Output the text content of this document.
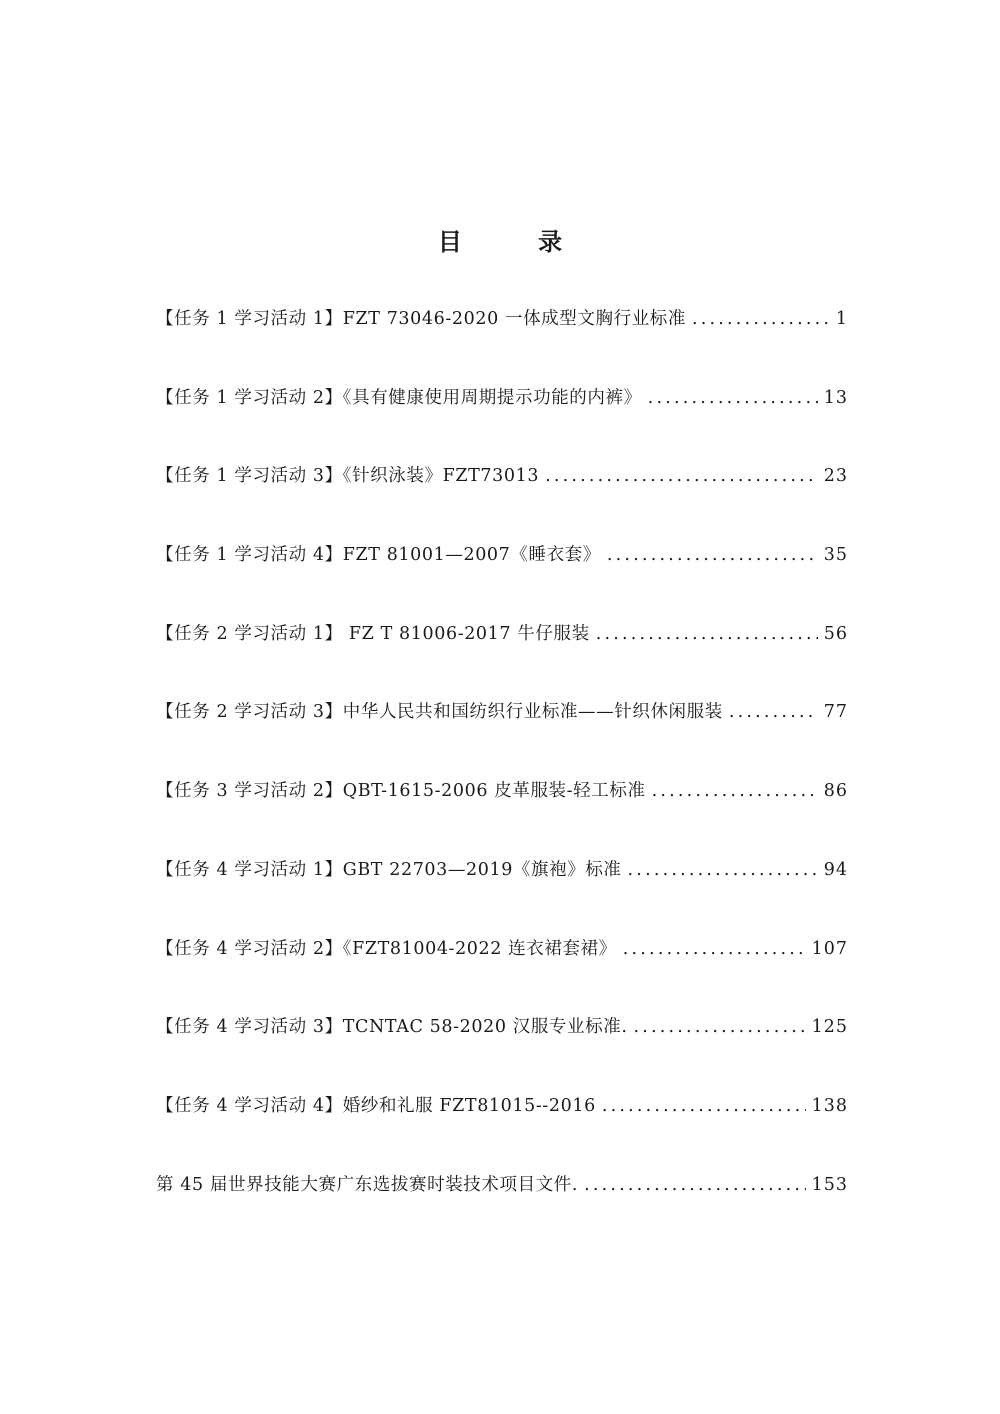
目 录
【任务 1 学习活动 1】FZT 73046-2020 一体成型文胸行业标准 .....	1
【任务 1 学习活动 2】《具有健康使用周期提示功能的内裤》 .....	13
【任务 1 学习活动 3】《针织泳装》FZT73013 .....	23
【任务 1 学习活动 4】FZT 81001—2007《睡衣套》 .....	35
【任务 2 学习活动 1】 FZ T 81006-2017 牛仔服装 .....	56
【任务 2 学习活动 3】中华人民共和国纺织行业标准——针织休闲服装 .....	77
【任务 3 学习活动 2】QBT-1615-2006 皮革服装-轻工标准 .....	86
【任务 4 学习活动 1】GBT 22703—2019《旗袍》标准 .....	94
【任务 4 学习活动 2】《FZT81004-2022 连衣裙套裙》 .....	107
【任务 4 学习活动 3】TCNTAC 58-2020 汉服专业标准. .....	125
【任务 4 学习活动 4】婚纱和礼服 FZT81015--2016 .....	138
第 45 届世界技能大赛广东选拔赛时装技术项目文件. .....	153
